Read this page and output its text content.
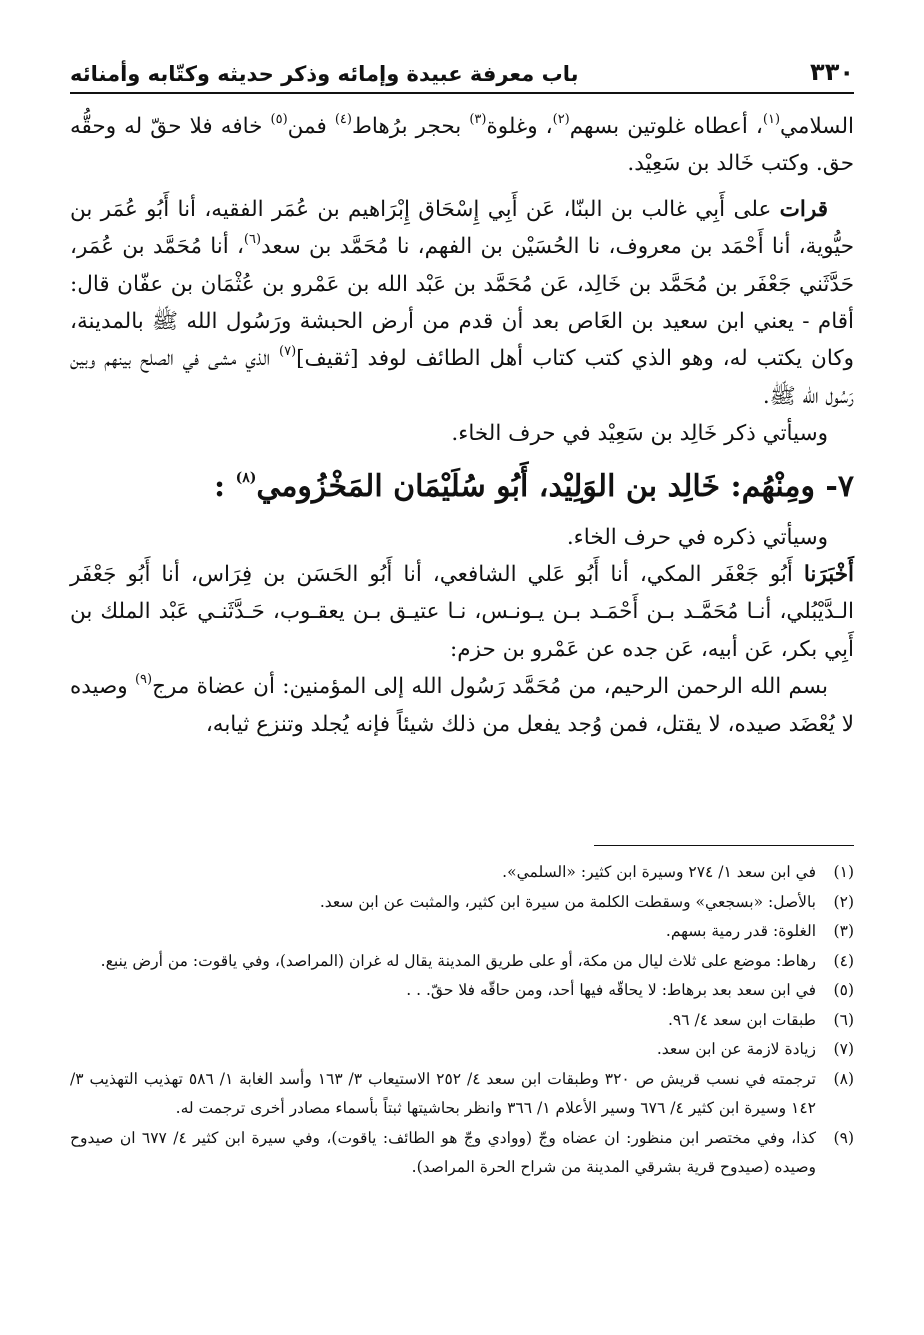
٣٣٠
باب معرفة عبيدة وإمائه وذكر حديثه وكتّابه وأمنائه

السلامي$^{(١)}$، أعطاه غلوتين بسهم$^{(٢)}$، وغلوة$^{(٣)}$ بحجر برُهاط$^{(٤)}$ فمن$^{(٥)}$ خافه فلا حقّ له وحقُّه حق. وكتب خَالد بن سَعِيْد.

قرات على أَبِي غالب بن البنّا، عَن أَبِي إِسْحَاق إِبْرَاهيم بن عُمَر الفقيه، أنا أَبُو عُمَر بن حيُّوية، أنا أَحْمَد بن معروف، نا الحُسَيْن بن الفهم، نا مُحَمَّد بن سعد$^{(٦)}$، أنا مُحَمَّد بن عُمَر، حَدَّثَني جَعْفَر بن مُحَمَّد بن خَالِد، عَن مُحَمَّد بن عَبْد الله بن عَمْرو بن عُثْمَان بن عفّان قال: أقام - يعني ابن سعيد بن العَاص بعد أن قدم من أرض الحبشة ورَسُول الله ﷺ بالمدينة، وكان يكتب له، وهو الذي كتب كتاب أهل الطائف لوفد [ثقيف]$^{(٧)}$ الذي مشى في الصلح بينهم وبين رَسُول الله ﷺ.

وسيأتي ذكر خَالِد بن سَعِيْد في حرف الخاء.

٧- ومِنْهُم: خَالِد بن الوَلِيْد، أَبُو سُلَيْمَان المَخْزُومي$^{(٨)}$ :

وسيأتي ذكره في حرف الخاء.

أَخْبَرَنا أَبُو جَعْفَر المكي، أنا أَبُو عَلي الشافعي، أنا أَبُو الحَسَن بن فِرَاس، أنا أَبُو جَعْفَر الـدَّيْبُلي، أنـا مُحَمَّـد بـن أَحْمَـد بـن يـونـس، نـا عتيـق بـن يعقـوب، حَـدَّثَنـي عَبْد الملك بن أَبِي بكر، عَن أبيه، عَن جده عن عَمْرو بن حزم:

بسم الله الرحمن الرحيم، من مُحَمَّد رَسُول الله إلى المؤمنين: أن عضاة مرج$^{(٩)}$ وصيده لا يُعْضَد صيده، لا يقتل، فمن وُجد يفعل من ذلك شيئاً فإنه يُجلد وتنزع ثيابه،

(١)
في ابن سعد ١/ ٢٧٤ وسيرة ابن كثير: «السلمي».
(٢)
بالأصل: «بسجعي» وسقطت الكلمة من سيرة ابن كثير، والمثبت عن ابن سعد.
(٣)
الغلوة: قدر رمية بسهم.
(٤)
رهاط: موضع على ثلاث ليال من مكة، أو على طريق المدينة يقال له غران (المراصد)، وفي ياقوت: من أرض ينبع.
(٥)
في ابن سعد بعد برهاط: لا يحاقّه فيها أحد، ومن حاقّه فلا حقّ. . .
(٦)
طبقات ابن سعد ٤/ ٩٦.
(٧)
زيادة لازمة عن ابن سعد.
(٨)
ترجمته في نسب قريش ص ٣٢٠ وطبقات ابن سعد ٤/ ٢٥٢ الاستيعاب ٣/ ١٦٣ وأسد الغابة ١/ ٥٨٦ تهذيب التهذيب ٣/ ١٤٢ وسيرة ابن كثير ٤/ ٦٧٦ وسير الأعلام ١/ ٣٦٦ وانظر بحاشيتها ثبتاً بأسماء مصادر أخرى ترجمت له.
(٩)
كذا، وفي مختصر ابن منظور: ان عضاه وجّ (ووادي وجّ هو الطائف: ياقوت)، وفي سيرة ابن كثير ٤/ ٦٧٧ ان صيدوح وصيده (صيدوح قرية بشرقي المدينة من شراح الحرة المراصد).
